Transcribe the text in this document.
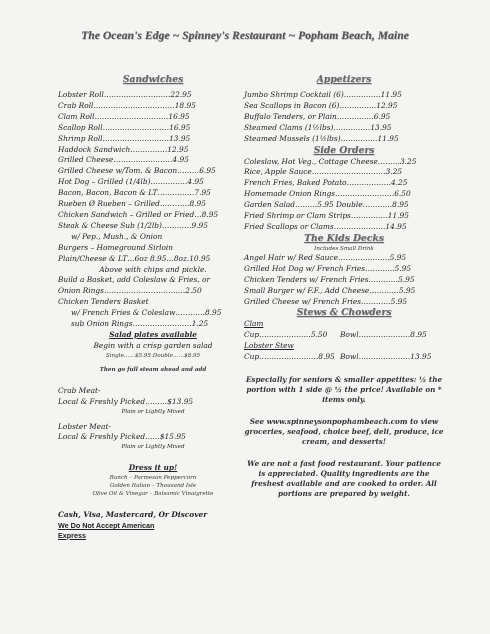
The Ocean's Edge ~ Spinney's Restaurant ~ Popham Beach, Maine
Sandwiches
Lobster Roll………………………22.95
Crab Roll……………………………18.95
Clam Roll…………………………16.95
Scallop Roll………………………16.95
Shrimp Roll………………………13.95
Haddock Sandwich……………12.95
Grilled Cheese……………………4.95
Grilled Cheese w/Tom. & Bacon………6.95
Hot Dog – Grilled (1/4lb)……………4.95
Bacon, Bacon, Bacon & LT……………7.95
Rueben Ø Rueben – Grilled…………8.95
Chicken Sandwich – Grilled or Fried…8.95
Steak & Cheese Sub (1/2lb)…………9.95
w/ Pep., Mush., & Onion
Burgers – Homeground Sirloin
Plain/Cheese & LT…6oz 8.95…8oz.10.95
Above with chips and pickle.
Build a Basket, add Coleslaw & Fries, or
Onion Rings……………………………2.50
Chicken Tenders Basket
w/ French Fries & Coleslaw…………8.95
sub Onion Rings……………………1.25
Salad plates available
Begin with a crisp garden salad
Single……$5.95 Double……$8.95
Then go full steam ahead and add
Crab Meat-
Local & Freshly Picked………$13.95
Plain or Lightly Mixed
Lobster Meat-
Local & Freshly Picked……$15.95
Plain or Lightly Mixed
Dress it up!
Ranch – Parmesan Peppercorn
Golden Italian – Thousand Isle
Olive Oil & Vinegar – Balsamic Vinaigrette
Cash, Visa, Mastercard, Or Discover
We Do Not Accept American
Express
Appetizers
Jumbo Shrimp Cocktail (6)……………11.95
Sea Scallops in Bacon (6)……………12.95
Buffalo Tenders, or Plain……………6.95
Steamed Clams (1½lbs)……………13.95
Steamed Mussels (1½lbs)……………11.95
Side Orders
Coleslaw, Hot Veg., Cottage Cheese………3.25
Rice, Apple Sauce…………………………3.25
French Fries, Baked Potato………………4.25
Homemade Onion Rings……………………6.50
Garden Salad………5.95 Double…………8.95
Fried Shrimp or Clam Strips……………11.95
Fried Scallops or Clams…………………14.95
The Kids Decks
Includes Small Drink
Angel Hair w/ Red Sauce…………………5.95
Grilled Hot Dog w/ French Fries…………5.95
Chicken Tenders w/ French Fries…………5.95
Small Burger w/ F.F., Add Cheese…………5.95
Grilled Cheese w/ French Fries…………5.95
Stews & Chowders
Clam
Cup…………………5.50 Bowl…………………8.95
Lobster Stew
Cup……………………8.95 Bowl…………………13.95
Especially for seniors & smaller appetites: ½ the portion with 1 side @ ½ the price! Available on * items only.
See www.spinneysonpophambeach.com to view groceries, seafood, choice beef, deli, produce, ice cream, and desserts!
We are not a fast food restaurant. Your patience is appreciated. Quality ingredients are the freshest available and are cooked to order. All portions are prepared by weight.
